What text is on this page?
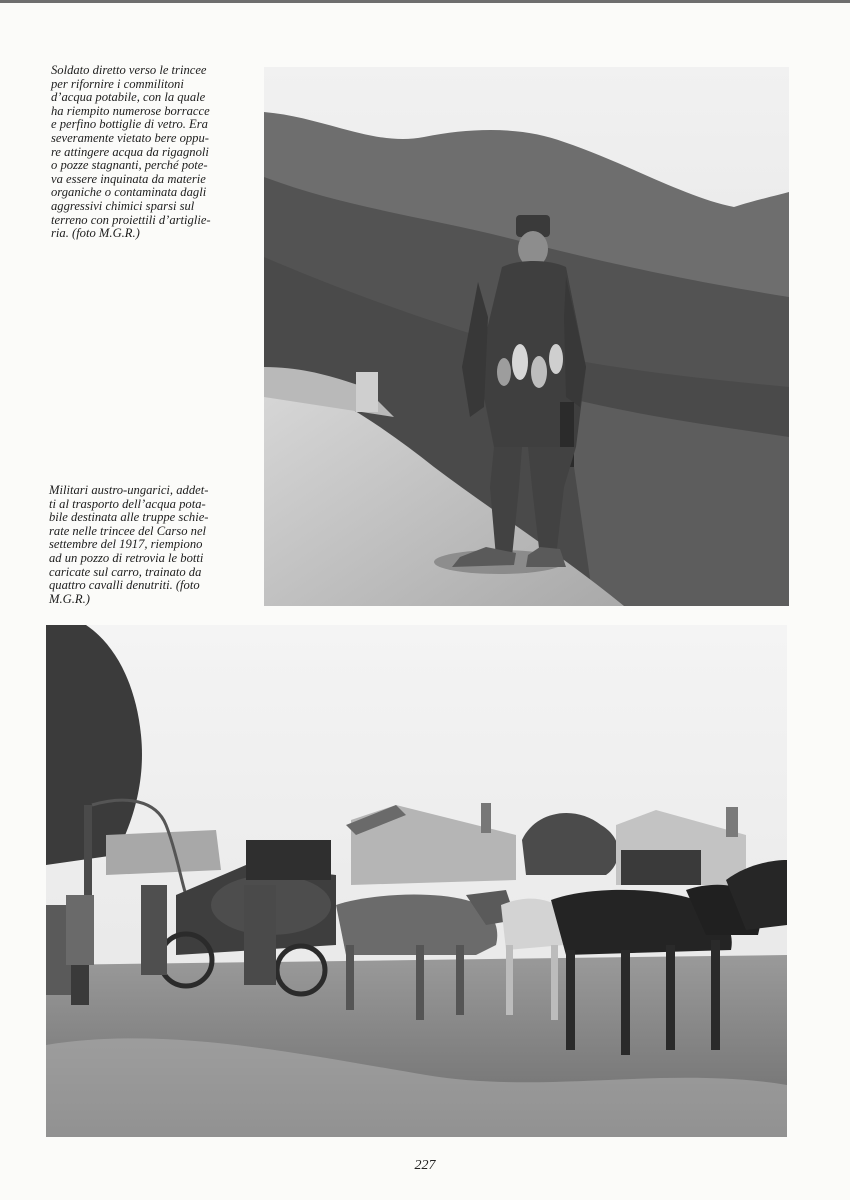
Soldato diretto verso le trincee
per rifornire i commilitoni
d’acqua potabile, con la quale
ha riempito numerose borracce
e perfino bottiglie di vetro. Era
severamente vietato bere oppu-
re attingere acqua da rigagnoli
o pozze stagnanti, perché pote-
va essere inquinata da materie
organiche o contaminata dagli
aggressivi chimici sparsi sul
terreno con proiettili d’artiglie-
ria. (foto M.G.R.)
Militari austro-ungarici, addet-
ti al trasporto dell’acqua pota-
bile destinata alle truppe schie-
rate nelle trincee del Carso nel
settembre del 1917, riempiono
ad un pozzo di retrovia le botti
caricate sul carro, trainato da
quattro cavalli denutriti. (foto
M.G.R.)
227
